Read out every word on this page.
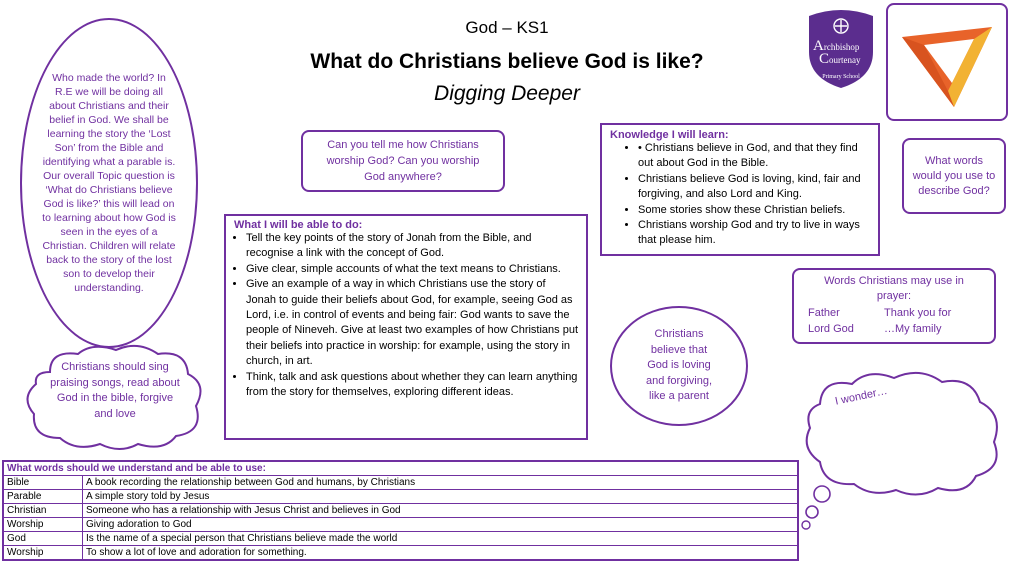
God – KS1
What do Christians believe God is like?
Digging Deeper
Archbishop
Courtenay
Primary School
Who made the world? In R.E we will be doing all about Christians and their belief in God. We shall be learning the story the ‘Lost Son’ from the Bible and identifying what a parable is. Our overall Topic question is ‘What do Christians believe God is like?’ this will lead on to learning about how God is seen in the eyes of a Christian. Children will relate back to the story of the lost son to develop their understanding.
Can you tell me how Christians worship God? Can you worship God anywhere?
Knowledge I will learn:
• • Christians believe in God, and that they find out about God in the Bible.
• Christians believe God is loving, kind, fair and forgiving, and also Lord and King.
• Some stories show these Christian beliefs.
• Christians worship God and try to live in ways that please him.
What words would you use to describe God?
What I will be able to do:
• Tell the key points of the story of Jonah from the Bible, and recognise a link with the concept of God.
• Give clear, simple accounts of what the text means to Christians.
• Give an example of a way in which Christians use the story of Jonah to guide their beliefs about God, for example, seeing God as Lord, i.e. in control of events and being fair: God wants to save the people of Nineveh. Give at least two examples of how Christians put their beliefs into practice in worship: for example, using the story in church, in art.
• Think, talk and ask questions about whether they can learn anything from the story for themselves, exploring different ideas.
Words Christians may use in prayer:
Father	Thank you for
Lord God	…My family
Christians believe that God is loving and forgiving, like a parent
Christians should sing praising songs, read about God in the bible, forgive and love
I wonder…
What words should we understand and be able to use:	
Bible	A book recording the relationship between God and humans, by Christians
Parable	A simple story told by Jesus
Christian	Someone who has a relationship with Jesus Christ and believes in God
Worship	Giving adoration to God
God	Is the name of a special person that Christians believe made the world
Worship	To show a lot of love and adoration for something.
